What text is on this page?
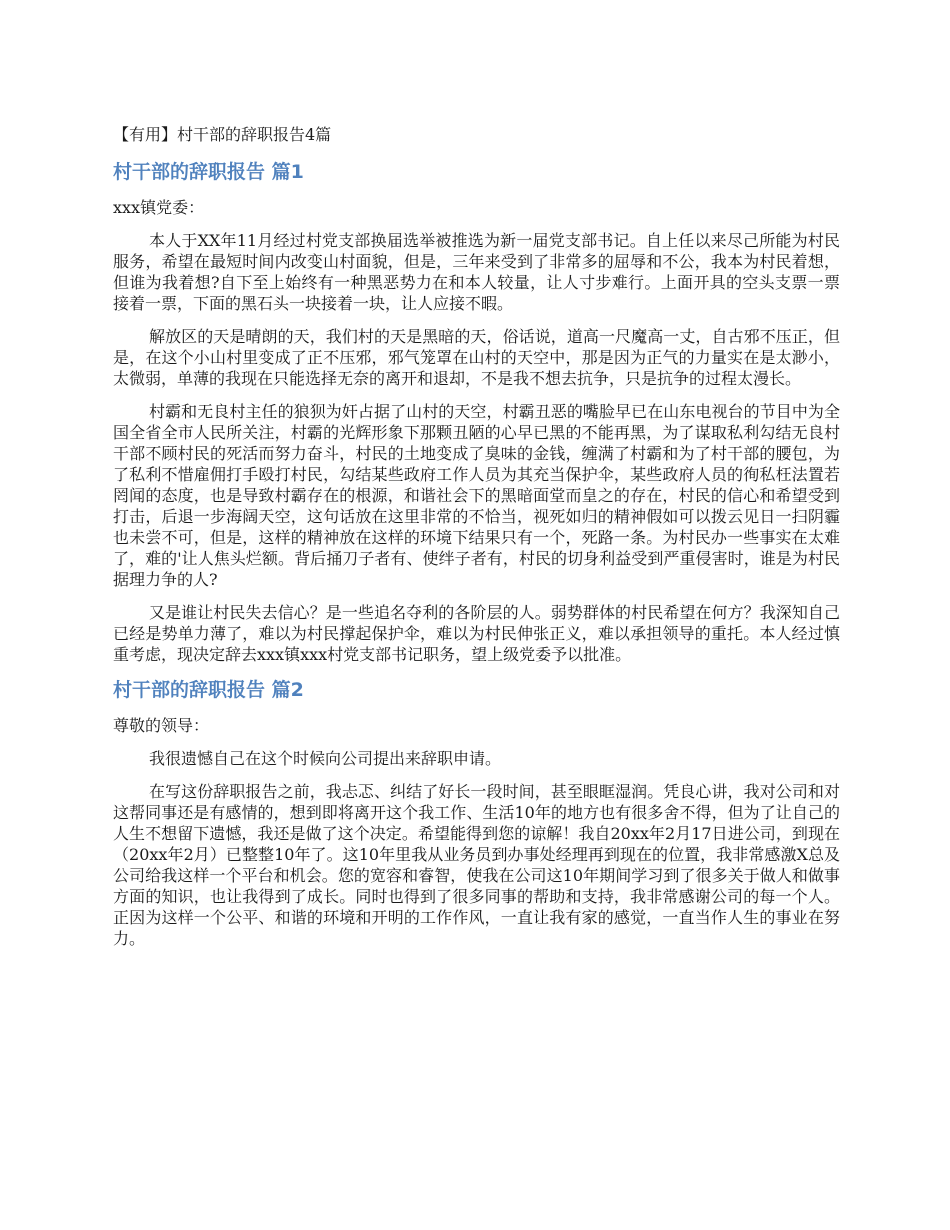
【有用】村干部的辞职报告4篇

村干部的辞职报告 篇1

xxx镇党委：

本人于XX年11月经过村党支部换届选举被推选为新一届党支部书记。自上任以来尽己所能为村民服务，希望在最短时间内改变山村面貌，但是，三年来受到了非常多的屈辱和不公，我本为村民着想，但谁为我着想?自下至上始终有一种黑恶势力在和本人较量，让人寸步难行。上面开具的空头支票一票接着一票，下面的黑石头一块接着一块，让人应接不暇。

解放区的天是晴朗的天，我们村的天是黑暗的天，俗话说，道高一尺魔高一丈，自古邪不压正，但是，在这个小山村里变成了正不压邪，邪气笼罩在山村的天空中，那是因为正气的力量实在是太渺小，太微弱，单薄的我现在只能选择无奈的离开和退却，不是我不想去抗争，只是抗争的过程太漫长。

村霸和无良村主任的狼狈为奸占据了山村的天空，村霸丑恶的嘴脸早已在山东电视台的节目中为全国全省全市人民所关注，村霸的光辉形象下那颗丑陋的心早已黑的不能再黑，为了谋取私利勾结无良村干部不顾村民的死活而努力奋斗，村民的土地变成了臭味的金钱，缠满了村霸和为了村干部的腰包，为了私利不惜雇佣打手殴打村民，勾结某些政府工作人员为其充当保护伞，某些政府人员的徇私枉法置若罔闻的态度，也是导致村霸存在的根源，和谐社会下的黑暗面堂而皇之的存在，村民的信心和希望受到打击，后退一步海阔天空，这句话放在这里非常的不恰当，视死如归的精神假如可以拨云见日一扫阴霾也未尝不可，但是，这样的精神放在这样的环境下结果只有一个，死路一条。为村民办一些事实在太难了，难的'让人焦头烂额。背后捅刀子者有、使绊子者有，村民的切身利益受到严重侵害时，谁是为村民据理力争的人?

又是谁让村民失去信心？是一些追名夺利的各阶层的人。弱势群体的村民希望在何方？我深知自己已经是势单力薄了，难以为村民撑起保护伞，难以为村民伸张正义，难以承担领导的重托。本人经过慎重考虑，现决定辞去xxx镇xxx村党支部书记职务，望上级党委予以批准。

村干部的辞职报告 篇2

尊敬的领导：

我很遗憾自己在这个时候向公司提出来辞职申请。

在写这份辞职报告之前，我忐忑、纠结了好长一段时间，甚至眼眶湿润。凭良心讲，我对公司和对这帮同事还是有感情的，想到即将离开这个我工作、生活10年的地方也有很多舍不得，但为了让自己的人生不想留下遗憾，我还是做了这个决定。希望能得到您的谅解！我自20xx年2月17日进公司，到现在（20xx年2月）已整整10年了。这10年里我从业务员到办事处经理再到现在的位置，我非常感激X总及公司给我这样一个平台和机会。您的宽容和睿智，使我在公司这10年期间学习到了很多关于做人和做事方面的知识，也让我得到了成长。同时也得到了很多同事的帮助和支持，我非常感谢公司的每一个人。正因为这样一个公平、和谐的环境和开明的工作作风，一直让我有家的感觉，一直当作人生的事业在努力。
